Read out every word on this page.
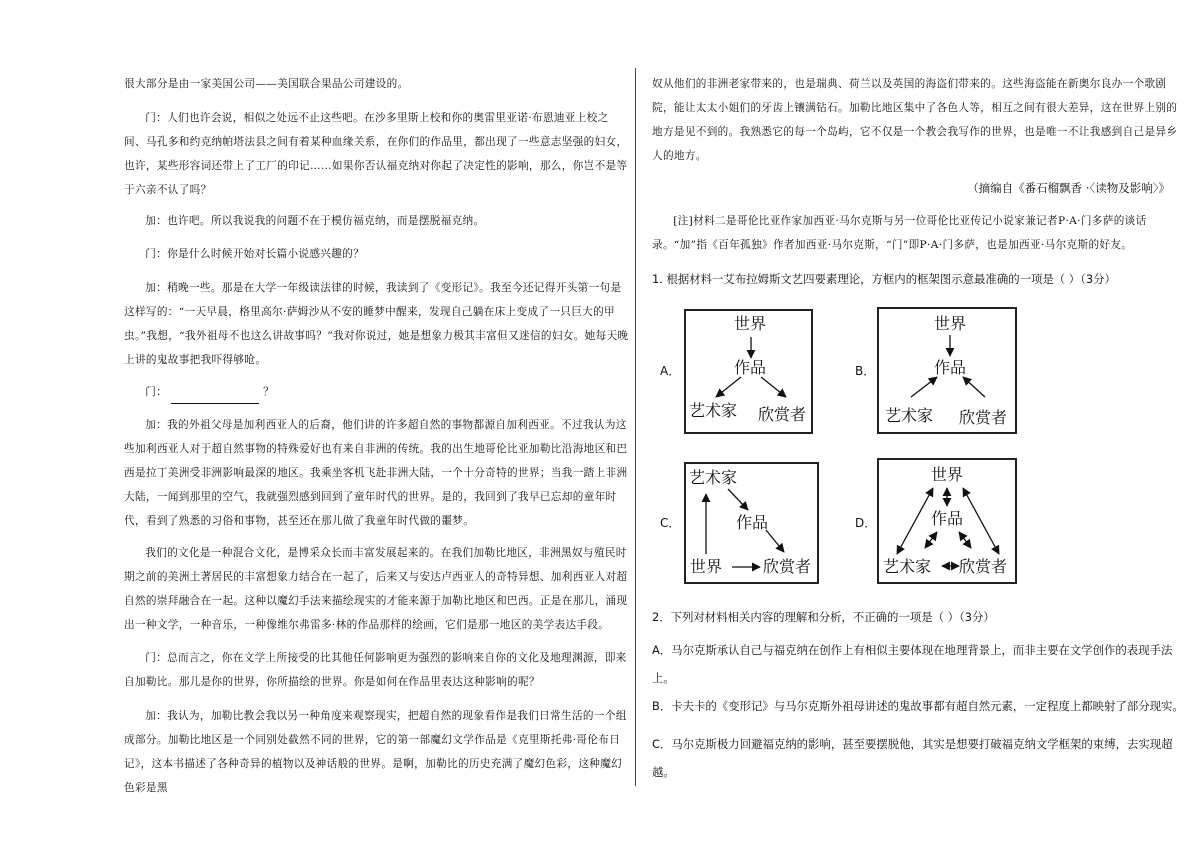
很大部分是由一家美国公司——美国联合果品公司建设的。
门：人们也许会说，相似之处远不止这些吧。在沙多里斯上校和你的奥雷里亚诺·布恩迪亚上校之间、马孔多和约克纳帕塔法县之间有着某种血缘关系，在你们的作品里，都出现了一些意志坚强的妇女，也许，某些形容词还带上了工厂的印记……如果你否认福克纳对你起了决定性的影响，那么，你岂不是等于六亲不认了吗？
加：也许吧。所以我说我的问题不在于模仿福克纳，而是摆脱福克纳。
门：你是什么时候开始对长篇小说感兴趣的？
加：稍晚一些。那是在大学一年级读法律的时候，我读到了《变形记》。我至今还记得开头第一句是这样写的：“一天早晨，格里高尔·萨姆沙从不安的睡梦中醒来，发现自己躺在床上变成了一只巨大的甲虫。”我想，“我外祖母不也这么讲故事吗？”我对你说过，她是想象力极其丰富但又迷信的妇女。她每天晚上讲的鬼故事把我吓得够呛。
门：	？
加：我的外祖父母是加利西亚人的后裔，他们讲的许多超自然的事物都源自加利西亚。不过我认为这些加利西亚人对于超自然事物的特殊爱好也有来自非洲的传统。我的出生地哥伦比亚加勒比沿海地区和巴西是拉丁美洲受非洲影响最深的地区。我乘坐客机飞赴非洲大陆，一个十分奇特的世界；当我一踏上非洲大陆，一闻到那里的空气，我就强烈感到回到了童年时代的世界。是的，我回到了我早已忘却的童年时代，看到了熟悉的习俗和事物，甚至还在那儿做了我童年时代做的噩梦。
我们的文化是一种混合文化，是博采众长而丰富发展起来的。在我们加勒比地区，非洲黑奴与殖民时期之前的美洲土著居民的丰富想象力结合在一起了，后来又与安达卢西亚人的奇特异想、加利西亚人对超自然的崇拜融合在一起。这种以魔幻手法来描绘现实的才能来源于加勒比地区和巴西。正是在那儿，涌现出一种文学，一种音乐，一种像维尔弗雷多·林的作品那样的绘画，它们是那一地区的美学表达手段。
门：总而言之，你在文学上所接受的比其他任何影响更为强烈的影响来自你的文化及地理渊源，即来自加勒比。那儿是你的世界，你所描绘的世界。你是如何在作品里表达这种影响的呢？
加：我认为，加勒比教会我以另一种角度来观察现实，把超自然的现象看作是我们日常生活的一个组成部分。加勒比地区是一个同别处截然不同的世界，它的第一部魔幻文学作品是《克里斯托弗·哥伦布日记》，这本书描述了各种奇异的植物以及神话般的世界。是啊，加勒比的历史充满了魔幻色彩，这种魔幻色彩是黑
奴从他们的非洲老家带来的，也是瑞典、荷兰以及英国的海盗们带来的。这些海盗能在新奥尔良办一个歌剧院，能让太太小姐们的牙齿上镶满钻石。加勒比地区集中了各色人等，相互之间有很大差异，这在世界上别的地方是见不到的。我熟悉它的每一个岛屿，它不仅是一个教会我写作的世界，也是唯一不让我感到自己是异乡人的地方。
（摘编自《番石榴飘香 ·〈读物及影响〉》
[注]材料二是哥伦比亚作家加西亚·马尔克斯与另一位哥伦比亚传记小说家兼记者P·A·门多萨的谈话录。“加”指《百年孤独》作者加西亚·马尔克斯，“门”即P·A·门多萨，也是加西亚·马尔克斯的好友。
1. 根据材料一艾布拉姆斯文艺四要素理论，方框内的框架图示意最准确的一项是（ ）（3分）
A．
世界
作品
艺术家 欣赏者
B．
世界
作品
艺术家 欣赏者
C．
艺术家
作品
世界	欣赏者
D．
世界
作品
艺术家 欣赏者
2．下列对材料相关内容的理解和分析，不正确的一项是（ ）（3分）
A．马尔克斯承认自己与福克纳在创作上有相似主要体现在地理背景上，而非主要在文学创作的表现手法上。
B．卡夫卡的《变形记》与马尔克斯外祖母讲述的鬼故事都有超自然元素，一定程度上都映射了部分现实。
C．马尔克斯极力回避福克纳的影响，甚至要摆脱他，其实是想要打破福克纳文学框架的束缚，去实现超越。
